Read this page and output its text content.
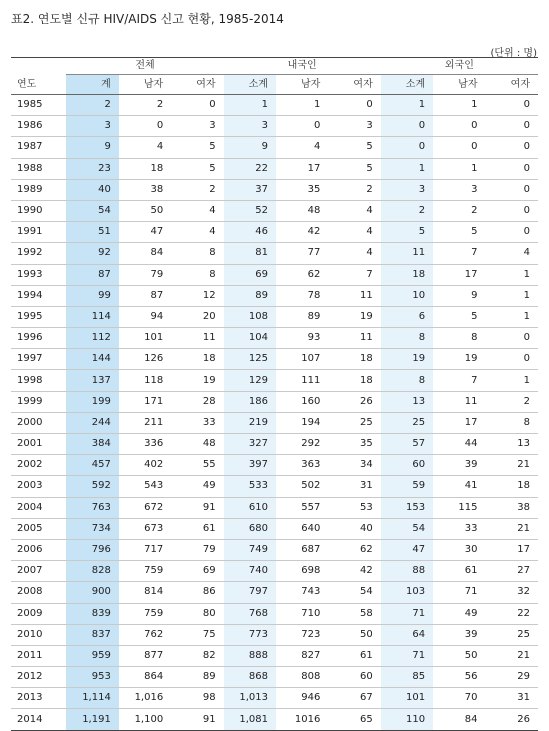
표2. 연도별 신규 HIV/AIDS 신고 현황, 1985-2014
(단위 : 명)
	전체			내국인			외국인		
연도	계	남자	여자	소계	남자	여자	소계	남자	여자
1985	2	2	0	1	1	0	1	1	0
1986	3	0	3	3	0	3	0	0	0
1987	9	4	5	9	4	5	0	0	0
1988	23	18	5	22	17	5	1	1	0
1989	40	38	2	37	35	2	3	3	0
1990	54	50	4	52	48	4	2	2	0
1991	51	47	4	46	42	4	5	5	0
1992	92	84	8	81	77	4	11	7	4
1993	87	79	8	69	62	7	18	17	1
1994	99	87	12	89	78	11	10	9	1
1995	114	94	20	108	89	19	6	5	1
1996	112	101	11	104	93	11	8	8	0
1997	144	126	18	125	107	18	19	19	0
1998	137	118	19	129	111	18	8	7	1
1999	199	171	28	186	160	26	13	11	2
2000	244	211	33	219	194	25	25	17	8
2001	384	336	48	327	292	35	57	44	13
2002	457	402	55	397	363	34	60	39	21
2003	592	543	49	533	502	31	59	41	18
2004	763	672	91	610	557	53	153	115	38
2005	734	673	61	680	640	40	54	33	21
2006	796	717	79	749	687	62	47	30	17
2007	828	759	69	740	698	42	88	61	27
2008	900	814	86	797	743	54	103	71	32
2009	839	759	80	768	710	58	71	49	22
2010	837	762	75	773	723	50	64	39	25
2011	959	877	82	888	827	61	71	50	21
2012	953	864	89	868	808	60	85	56	29
2013	1,114	1,016	98	1,013	946	67	101	70	31
2014	1,191	1,100	91	1,081	1016	65	110	84	26
